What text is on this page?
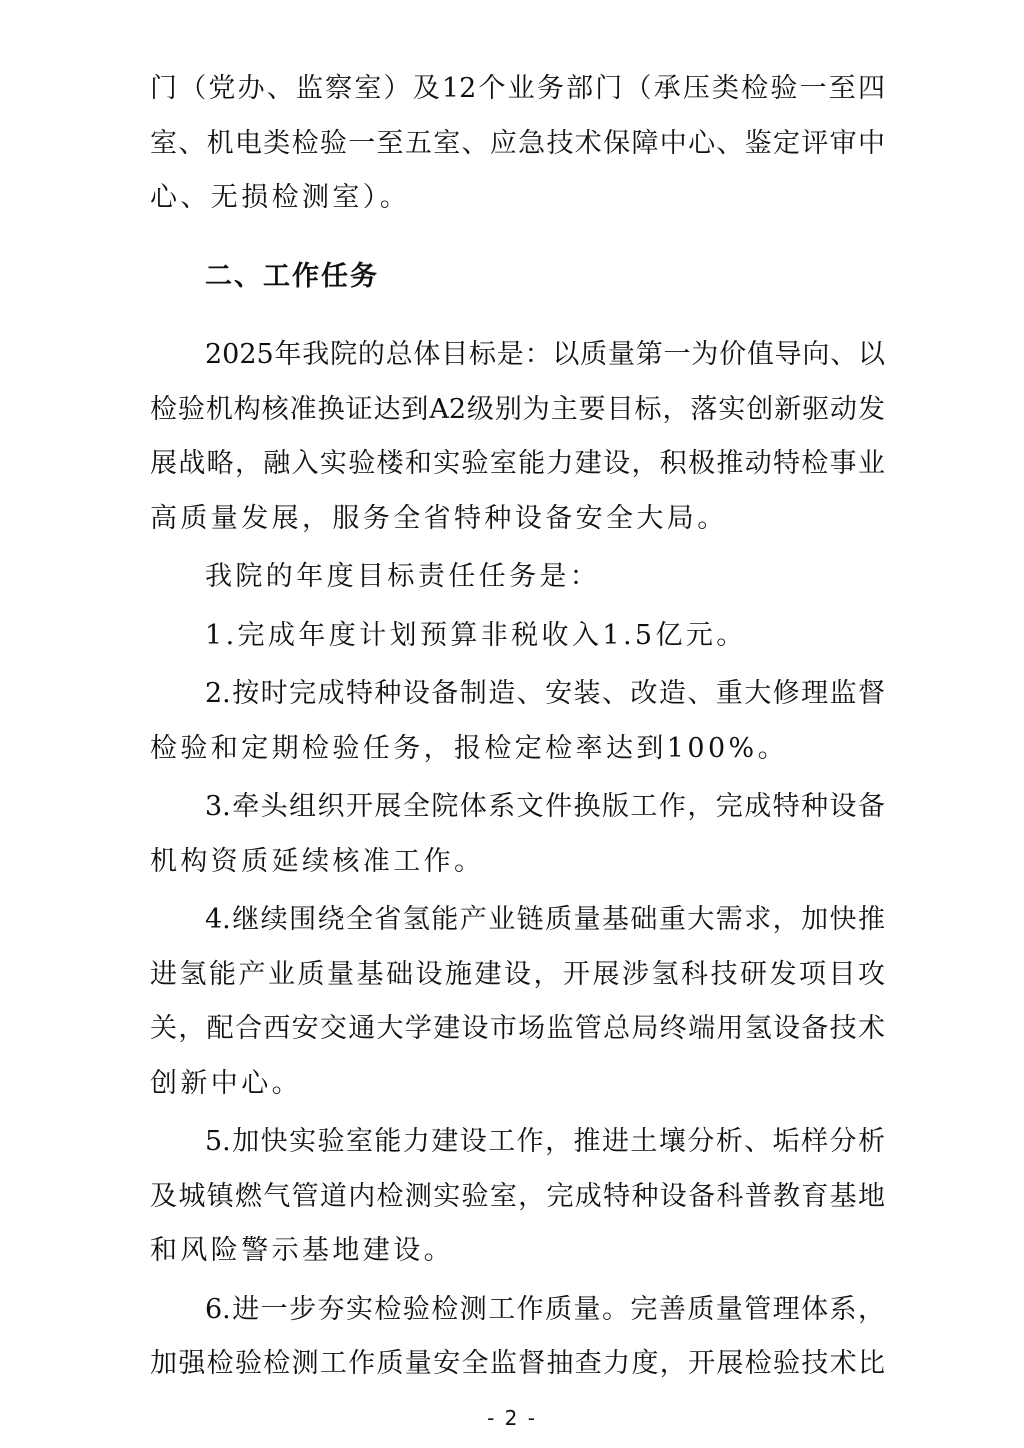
门（党办、监察室）及12个业务部门（承压类检验一至四
室、机电类检验一至五室、应急技术保障中心、鉴定评审中
心、无损检测室）。
二、工作任务
2025年我院的总体目标是：以质量第一为价值导向、以
检验机构核准换证达到A2级别为主要目标，落实创新驱动发
展战略，融入实验楼和实验室能力建设，积极推动特检事业
高质量发展，服务全省特种设备安全大局。
我院的年度目标责任任务是：
1.完成年度计划预算非税收入1.5亿元。
2.按时完成特种设备制造、安装、改造、重大修理监督
检验和定期检验任务，报检定检率达到100%。
3.牵头组织开展全院体系文件换版工作，完成特种设备
机构资质延续核准工作。
4.继续围绕全省氢能产业链质量基础重大需求，加快推
进氢能产业质量基础设施建设，开展涉氢科技研发项目攻
关，配合西安交通大学建设市场监管总局终端用氢设备技术
创新中心。
5.加快实验室能力建设工作，推进土壤分析、垢样分析
及城镇燃气管道内检测实验室，完成特种设备科普教育基地
和风险警示基地建设。
6.进一步夯实检验检测工作质量。完善质量管理体系，
加强检验检测工作质量安全监督抽查力度，开展检验技术比
- 2 -
